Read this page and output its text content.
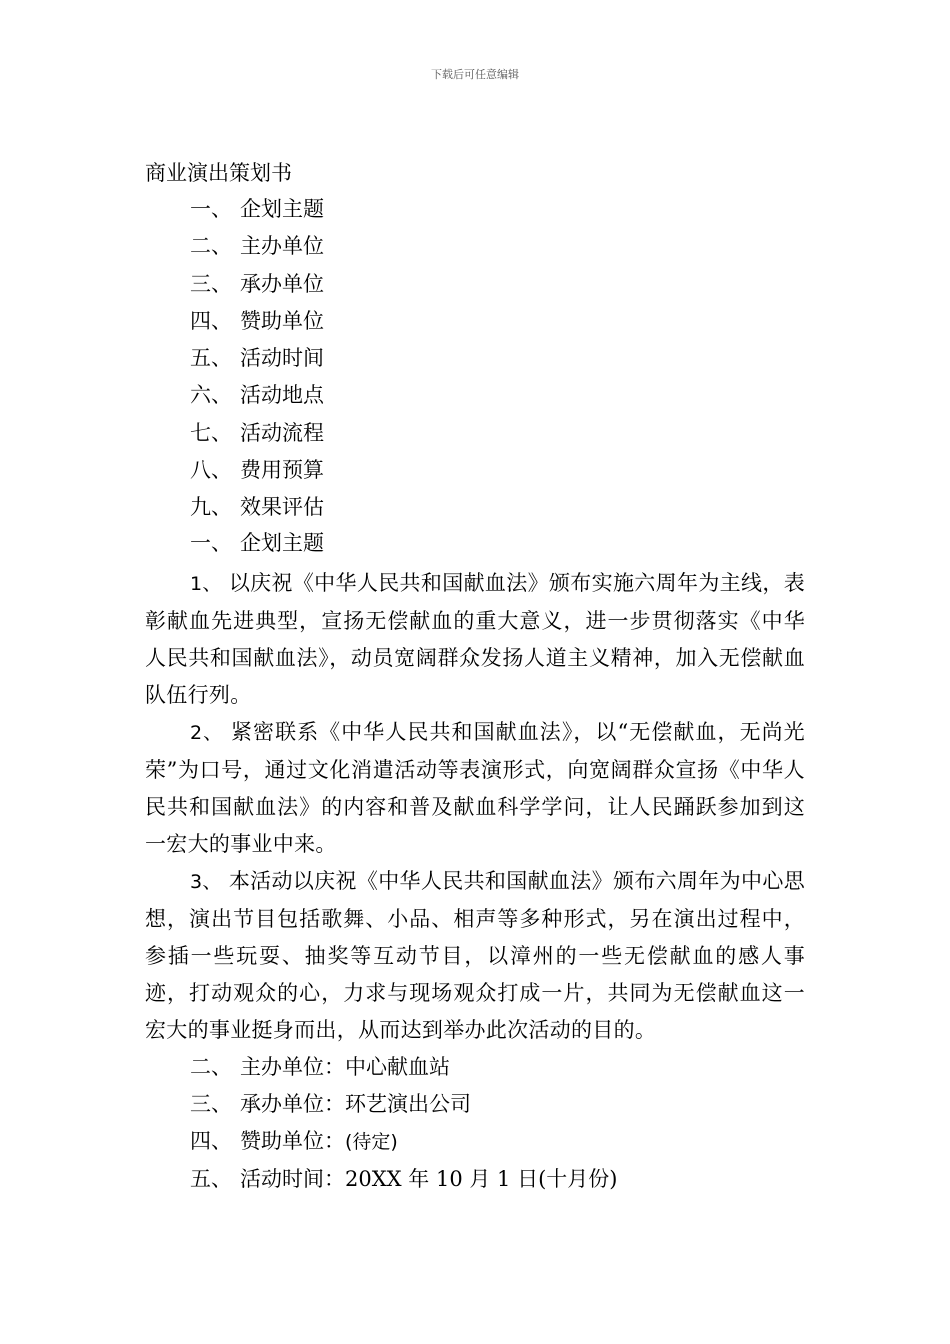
下载后可任意编辑
商业演出策划书
一、 企划主题
二、 主办单位
三、 承办单位
四、 赞助单位
五、 活动时间
六、 活动地点
七、 活动流程
八、 费用预算
九、 效果评估
一、 企划主题

1、 以庆祝《中华人民共和国献血法》颁布实施六周年为主线，表彰献血先进典型，宣扬无偿献血的重大意义，进一步贯彻落实《中华人民共和国献血法》，动员宽阔群众发扬人道主义精神，加入无偿献血队伍行列。

2、 紧密联系《中华人民共和国献血法》，以“无偿献血，无尚光荣”为口号，通过文化消遣活动等表演形式，向宽阔群众宣扬《中华人民共和国献血法》的内容和普及献血科学学问，让人民踊跃参加到这一宏大的事业中来。

3、 本活动以庆祝《中华人民共和国献血法》颁布六周年为中心思想，演出节目包括歌舞、小品、相声等多种形式，另在演出过程中，参插一些玩耍、抽奖等互动节目，以漳州的一些无偿献血的感人事迹，打动观众的心，力求与现场观众打成一片，共同为无偿献血这一宏大的事业挺身而出，从而达到举办此次活动的目的。

二、 主办单位：中心献血站
三、 承办单位：环艺演出公司
四、 赞助单位：(待定)
五、 活动时间：20XX 年 10 月 1 日(十月份)
